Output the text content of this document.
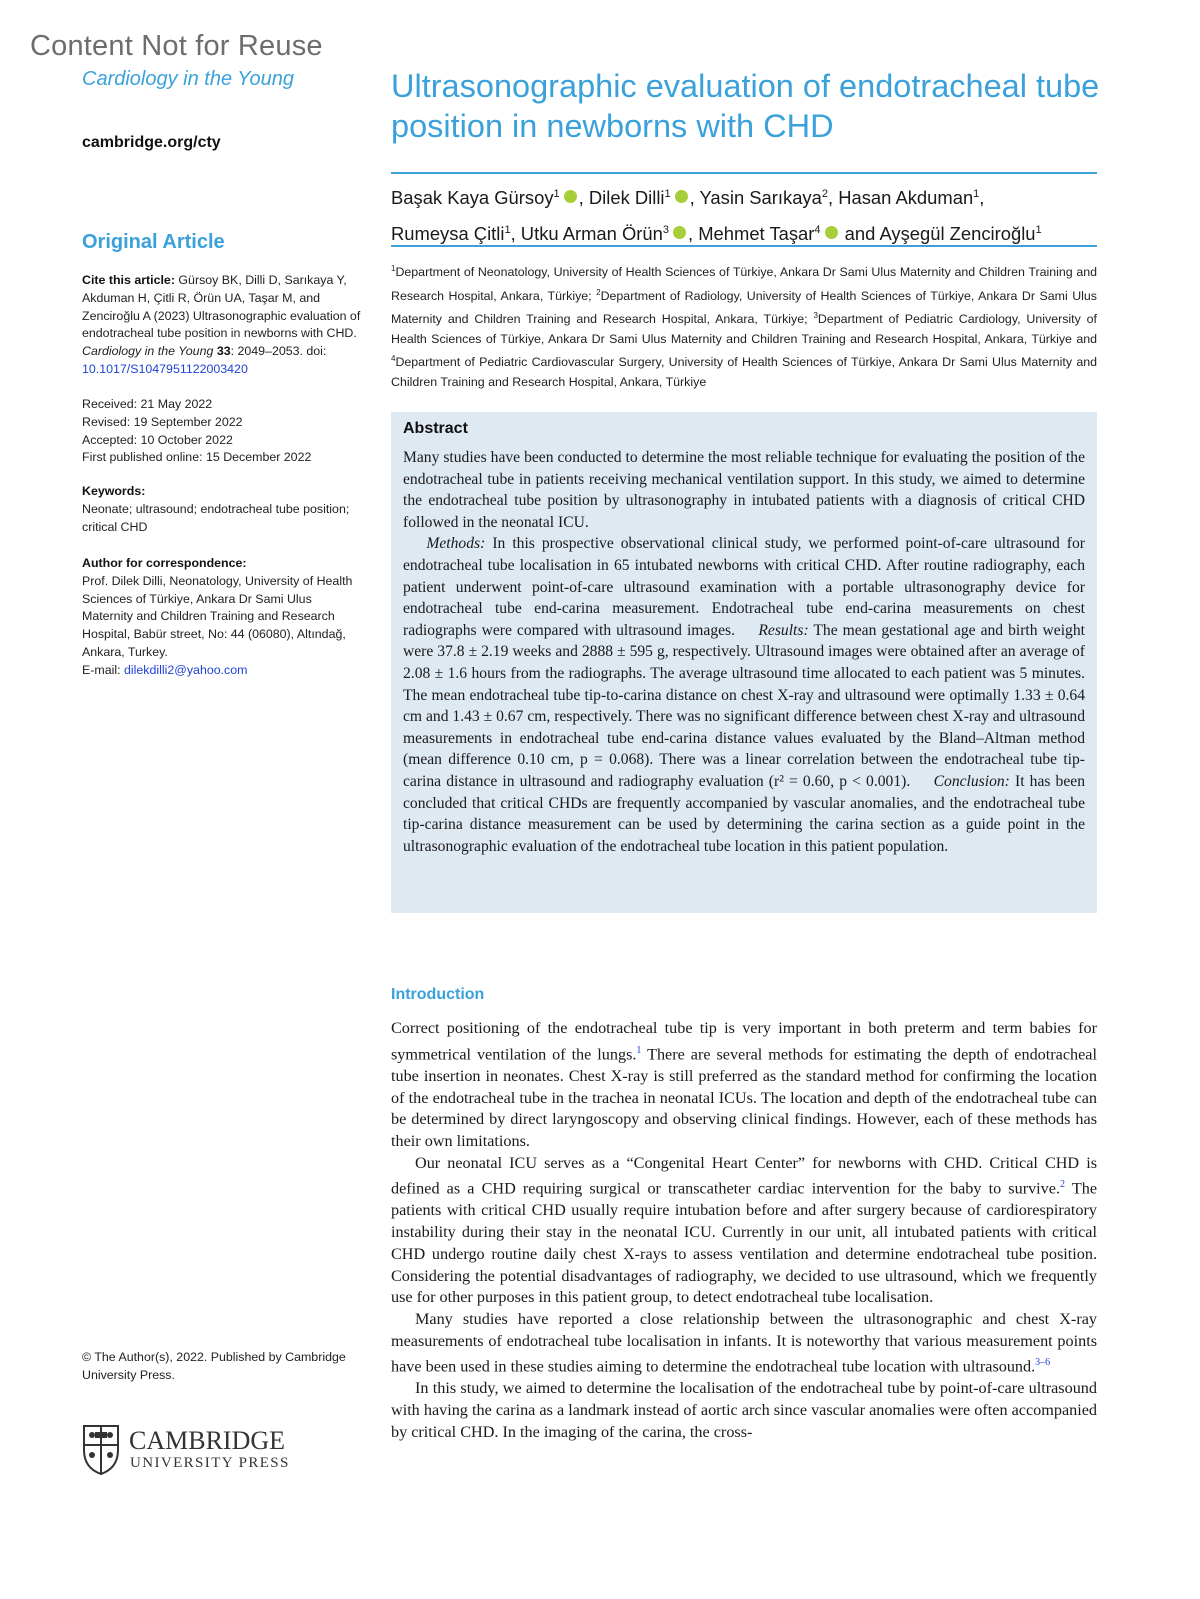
Content Not for Reuse
Cardiology in the Young
cambridge.org/cty
Original Article
Cite this article: Gürsoy BK, Dilli D, Sarıkaya Y, Akduman H, Çitli R, Örün UA, Taşar M, and Zenciroğlu A (2023) Ultrasonographic evaluation of endotracheal tube position in newborns with CHD. Cardiology in the Young 33: 2049–2053. doi: 10.1017/S1047951122003420
Received: 21 May 2022
Revised: 19 September 2022
Accepted: 10 October 2022
First published online: 15 December 2022
Keywords:
Neonate; ultrasound; endotracheal tube position; critical CHD
Author for correspondence:
Prof. Dilek Dilli, Neonatology, University of Health Sciences of Türkiye, Ankara Dr Sami Ulus Maternity and Children Training and Research Hospital, Babür street, No: 44 (06080), Altındağ, Ankara, Turkey.
E-mail: dilekdilli2@yahoo.com
© The Author(s), 2022. Published by Cambridge University Press.
CAMBRIDGE
UNIVERSITY PRESS
Ultrasonographic evaluation of endotracheal tube position in newborns with CHD
Başak Kaya Gürsoy$^1$ iD , Dilek Dilli$^1$ iD , Yasin Sarıkaya$^2$, Hasan Akduman$^1$,
Rumeysa Çitli$^1$, Utku Arman Örün$^3$ iD , Mehmet Taşar$^4$iD and Ayşegül Zenciroğlu$^1$
$^1$Department of Neonatology, University of Health Sciences of Türkiye, Ankara Dr Sami Ulus Maternity and Children Training and Research Hospital, Ankara, Türkiye; $^2$Department of Radiology, University of Health Sciences of Türkiye, Ankara Dr Sami Ulus Maternity and Children Training and Research Hospital, Ankara, Türkiye; $^3$Department of Pediatric Cardiology, University of Health Sciences of Türkiye, Ankara Dr Sami Ulus Maternity and Children Training and Research Hospital, Ankara, Türkiye and $^4$Department of Pediatric Cardiovascular Surgery, University of Health Sciences of Türkiye, Ankara Dr Sami Ulus Maternity and Children Training and Research Hospital, Ankara, Türkiye
Abstract
Many studies have been conducted to determine the most reliable technique for evaluating the position of the endotracheal tube in patients receiving mechanical ventilation support. In this study, we aimed to determine the endotracheal tube position by ultrasonography in intubated patients with a diagnosis of critical CHD followed in the neonatal ICU.
  Methods: In this prospective observational clinical study, we performed point-of-care ultrasound for endotracheal tube localisation in 65 intubated newborns with critical CHD. After routine radiography, each patient underwent point-of-care ultrasound examination with a portable ultrasonography device for endotracheal tube end-carina measurement. Endotracheal tube end-carina measurements on chest radiographs were compared with ultrasound images.   Results: The mean gestational age and birth weight were 37.8 ± 2.19 weeks and 2888 ± 595 g, respectively. Ultrasound images were obtained after an average of 2.08 ± 1.6 hours from the radiographs. The average ultrasound time allocated to each patient was 5 minutes. The mean endotracheal tube tip-to-carina distance on chest X-ray and ultrasound were optimally 1.33 ± 0.64 cm and 1.43 ± 0.67 cm, respectively. There was no significant difference between chest X-ray and ultrasound measurements in endotracheal tube end-carina distance values evaluated by the Bland–Altman method (mean difference 0.10 cm, p = 0.068). There was a linear correlation between the endotracheal tube tip-carina distance in ultrasound and radiography evaluation (r² = 0.60, p < 0.001).   Conclusion: It has been concluded that critical CHDs are frequently accompanied by vascular anomalies, and the endotracheal tube tip-carina distance measurement can be used by determining the carina section as a guide point in the ultrasonographic evaluation of the endotracheal tube location in this patient population.
Introduction

Correct positioning of the endotracheal tube tip is very important in both preterm and term babies for symmetrical ventilation of the lungs.$^1$ There are several methods for estimating the depth of endotracheal tube insertion in neonates. Chest X-ray is still preferred as the standard method for confirming the location of the endotracheal tube in the trachea in neonatal ICUs. The location and depth of the endotracheal tube can be determined by direct laryngoscopy and observing clinical findings. However, each of these methods has their own limitations.

Our neonatal ICU serves as a “Congenital Heart Center” for newborns with CHD. Critical CHD is defined as a CHD requiring surgical or transcatheter cardiac intervention for the baby to survive.$^2$ The patients with critical CHD usually require intubation before and after surgery because of cardiorespiratory instability during their stay in the neonatal ICU. Currently in our unit, all intubated patients with critical CHD undergo routine daily chest X-rays to assess ventilation and determine endotracheal tube position. Considering the potential disadvantages of radiography, we decided to use ultrasound, which we frequently use for other purposes in this patient group, to detect endotracheal tube localisation.

Many studies have reported a close relationship between the ultrasonographic and chest X-ray measurements of endotracheal tube localisation in infants. It is noteworthy that various measurement points have been used in these studies aiming to determine the endotracheal tube location with ultrasound.$^{3-6}$

In this study, we aimed to determine the localisation of the endotracheal tube by point-of-care ultrasound with having the carina as a landmark instead of aortic arch since vascular anomalies were often accompanied by critical CHD. In the imaging of the carina, the cross-
